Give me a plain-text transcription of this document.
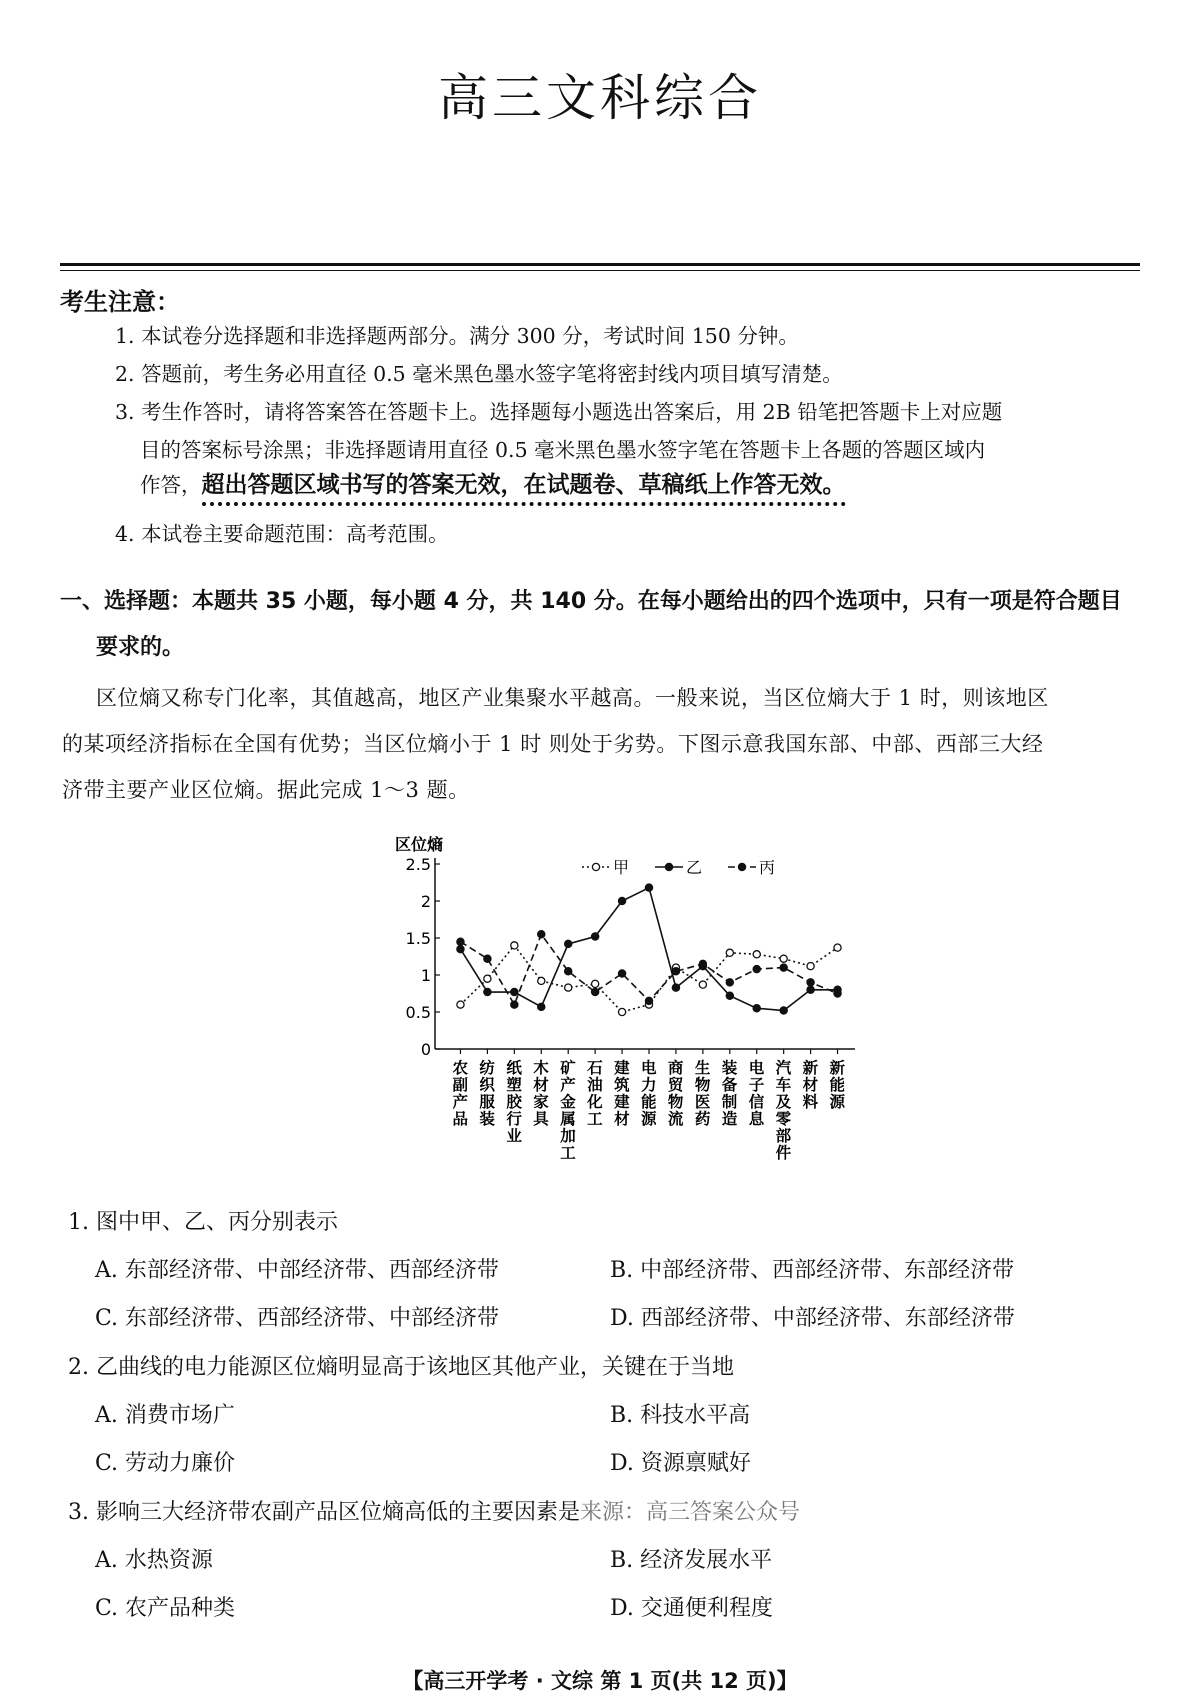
高三文科综合
考生注意：
1. 本试卷分选择题和非选择题两部分。满分 300 分，考试时间 150 分钟。
2. 答题前，考生务必用直径 0.5 毫米黑色墨水签字笔将密封线内项目填写清楚。
3. 考生作答时，请将答案答在答题卡上。选择题每小题选出答案后，用 2B 铅笔把答题卡上对应题
目的答案标号涂黑；非选择题请用直径 0.5 毫米黑色墨水签字笔在答题卡上各题的答题区域内
作答，超出答题区域书写的答案无效，在试题卷、草稿纸上作答无效。
4. 本试卷主要命题范围：高考范围。
一、选择题：本题共 35 小题，每小题 4 分，共 140 分。在每小题给出的四个选项中，只有一项是符合题目
要求的。
区位熵又称专门化率，其值越高，地区产业集聚水平越高。一般来说，当区位熵大于 1 时，则该地区
的某项经济指标在全国有优势；当区位熵小于 1 时 则处于劣势。下图示意我国东部、中部、西部三大经
济带主要产业区位熵。据此完成 1～3 题。
区位熵
0
0.5
1
1.5
2
2.5
农副产品
纺织服装
纸塑胶行业
木材家具
矿产金属加工
石油化工
建筑建材
电力能源
商贸物流
生物医药
装备制造
电子信息
汽车及零部件
新材料
新能源
甲	乙	丙
1. 图中甲、乙、丙分别表示
A. 东部经济带、中部经济带、西部经济带	B. 中部经济带、西部经济带、东部经济带
C. 东部经济带、西部经济带、中部经济带	D. 西部经济带、中部经济带、东部经济带
2. 乙曲线的电力能源区位熵明显高于该地区其他产业，关键在于当地
A. 消费市场广	B. 科技水平高
C. 劳动力廉价	D. 资源禀赋好
3. 影响三大经济带农副产品区位熵高低的主要因素是来源：高三答案公众号
A. 水热资源	B. 经济发展水平
C. 农产品种类	D. 交通便利程度
【高三开学考 · 文综 第 1 页(共 12 页)】
